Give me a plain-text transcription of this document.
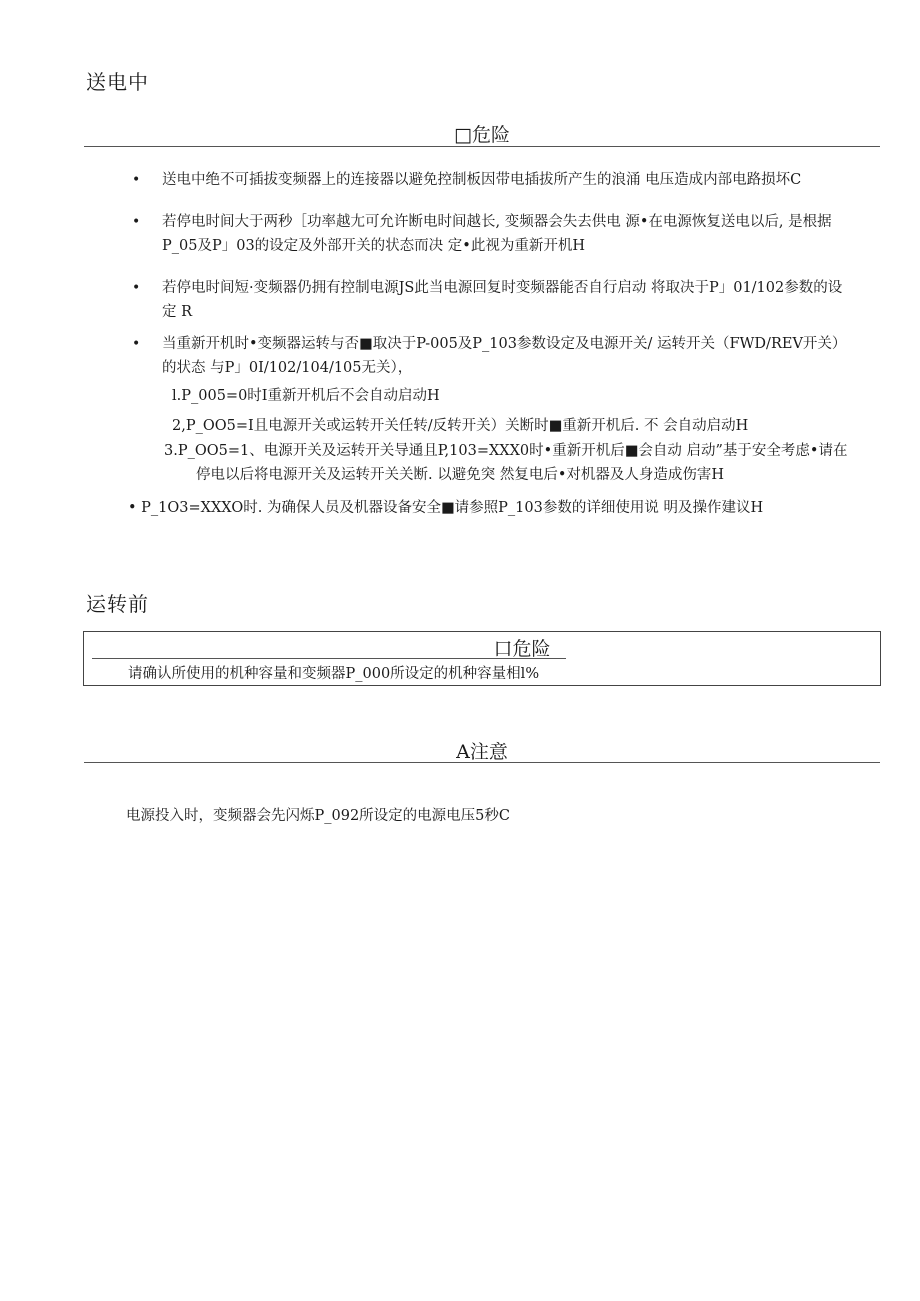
送电中
□危险
• 送电中绝不可插拔变频器上的连接器以避免控制板因带电插拔所产生的浪涌 电压造成内部电路损坏C
• 若停电时间大于两秒［功率越尢可允许断电时间越长, 变频器会失去供电 源•在电源恢复送电以后, 是根据
P_05及P」03的设定及外部开关的状态而决 定•此视为重新开机H
• 若停电时间短·变频器仍拥有控制电源JS此当电源回复时变频器能否自行启动 将取决于P」01/102参数的设
定 R
• 当重新开机时•变频器运转与否■取决于P-005及P_103参数设定及电源开关/ 运转开关（FWD/REV开关）
的状态 与P」0I/102/104/105无关），
l.P_005=0时I重新开机后不会自动启动H
2,P_OO5=I且电源开关或运转开关任转/反转开关）关断时■重新开机后. 不 会自动启动H
3.P_OO5=1、电源开关及运转开关导通且P,103=XXX0时•重新开机后■会自动 启动”基于安全考虑•请在
停电以后将电源开关及运转开关关断. 以避免突 然复电后•对机器及人身造成伤害H
• P_1O3=XXXO时. 为确保人员及机器设备安全■请参照P_103参数的详细使用说 明及操作建议H
运转前
口危险
请确认所使用的机种容量和变频器P_000所设定的机种容量相l%
A注意
电源投入时，变频器会先闪烁P_092所设定的电源电压5秒C
